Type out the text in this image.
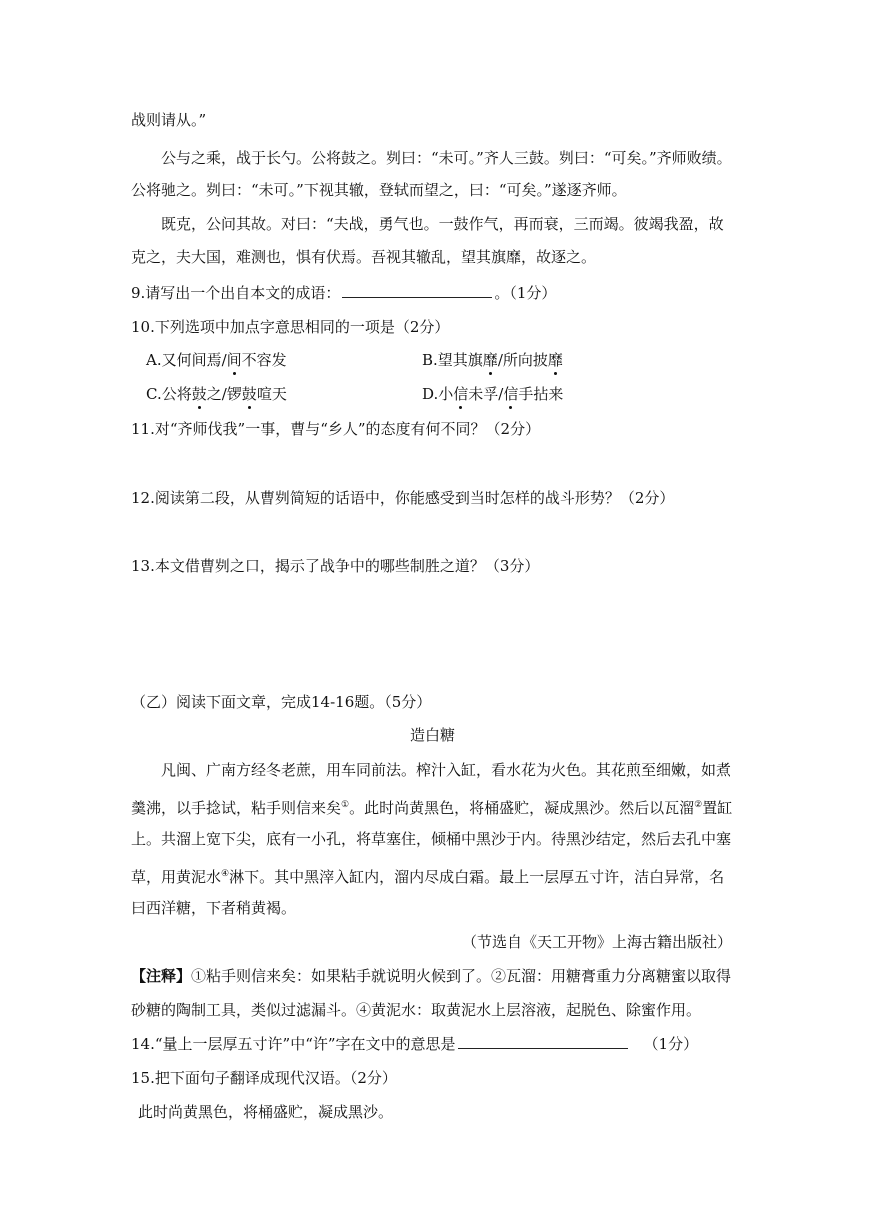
战则请从。”
公与之乘，战于长勺。公将鼓之。刿曰：“未可。”齐人三鼓。刿曰：“可矣。”齐师败绩。
公将驰之。刿曰：“未可。”下视其辙，登轼而望之，曰：“可矣。”遂逐齐师。
既克，公问其故。对曰：“夫战，勇气也。一鼓作气，再而衰，三而竭。彼竭我盈，故
克之，夫大国，难测也，惧有伏焉。吾视其辙乱，望其旗靡，故逐之。
9.请写出一个出自本文的成语：	。（1分）
10.下列选项中加点字意思相同的一项是（2分）
A.又何间焉/间不容发	B.望其旗靡/所向披靡
C.公将鼓之/锣鼓喧天	D.小信未孚/信手拈来
11.对“齐师伐我”一事，曹与“乡人”的态度有何不同？（2分）
12.阅读第二段，从曹刿简短的话语中，你能感受到当时怎样的战斗形势？（2分）
13.本文借曹刿之口，揭示了战争中的哪些制胜之道？（3分）
（乙）阅读下面文章，完成14-16题。（5分）
造白糖
凡闽、广南方经冬老蔗，用车同前法。榨汁入缸，看水花为火色。其花煎至细嫩，如煮
羹沸，以手捻试，粘手则信来矣①。此时尚黄黑色，将桶盛贮，凝成黑沙。然后以瓦溜②置缸
上。共溜上宽下尖，底有一小孔，将草塞住，倾桶中黑沙于内。待黑沙结定，然后去孔中塞
草，用黄泥水④淋下。其中黑滓入缸内，溜内尽成白霜。最上一层厚五寸许，洁白异常，名
曰西洋糖，下者稍黄褐。
（节选自《天工开物》上海古籍出版社）
【注释】①粘手则信来矣：如果粘手就说明火候到了。②瓦溜：用糖膏重力分离糖蜜以取得
砂糖的陶制工具，类似过滤漏斗。④黄泥水：取黄泥水上层溶液，起脱色、除蜜作用。
14.“量上一层厚五寸许”中“许”字在文中的意思是	（1分）
15.把下面句子翻译成现代汉语。（2分）
此时尚黄黑色，将桶盛贮，凝成黑沙。
